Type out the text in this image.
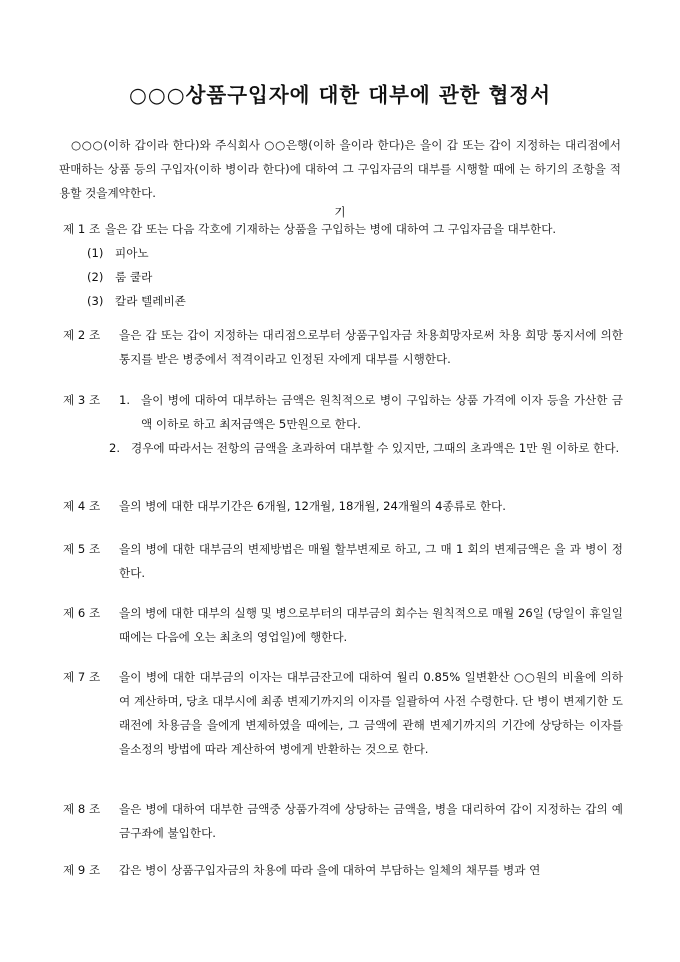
○○○상품구입자에 대한 대부에 관한 협정서

○○○(이하 갑이라 한다)와 주식회사 ○○은행(이하 을이라 한다)은 을이 갑 또는 갑이 지정하는 대리점에서 판매하는 상품 등의 구입자(이하 병이라 한다)에 대하여 그 구입자금의 대부를 시행할 때에 는 하기의 조항을 적용할 것을계약한다.

기
제 1 조 을은 갑 또는 다음 각호에 기재하는 상품을 구입하는 병에 대하여 그 구입자금을 대부한다.

(1) 피아노
(2) 룸 쿨라
(3) 칼라 텔레비죤
제 2 조	을은 갑 또는 갑이 지정하는 대리점으로부터 상품구입자금 차용희망자로써 차용 희망 통지서에 의한 통지를 받은 병중에서 적격이라고 인정된 자에게 대부를 시행한다.

제 3 조	1. 을이 병에 대하여 대부하는 금액은 원칙적으로 병이 구입하는 상품 가격에 이자 등을 가산한 금액 이하로 하고 최저금액은 5만원으로 한다.
2. 경우에 따라서는 전항의 금액을 초과하여 대부할 수 있지만, 그때의 초과액은 1만 원 이하로 한다.
제 4 조	을의 병에 대한 대부기간은 6개월, 12개월, 18개월, 24개월의 4종류로 한다.

제 5 조	을의 병에 대한 대부금의 변제방법은 매월 할부변제로 하고, 그 매 1 회의 변제금액은 을 과 병이 정한다.

제 6 조	을의 병에 대한 대부의 실행 및 병으로부터의 대부금의 회수는 원칙적으로 매월 26일 (당일이 휴일일 때에는 다음에 오는 최초의 영업일)에 행한다.

제 7 조	을이 병에 대한 대부금의 이자는 대부금잔고에 대하여 월리 0.85% 일변환산 ○○원의 비율에 의하여 계산하며, 당초 대부시에 최종 변제기까지의 이자를 일괄하여 사전 수령한다. 단 병이 변제기한 도래전에 차용금을 을에게 변제하였을 때에는, 그 금액에 관해 변제기까지의 기간에 상당하는 이자를 을소정의 방법에 따라 계산하여 병에게 반환하는 것으로 한다.

제 8 조	을은 병에 대하여 대부한 금액중 상품가격에 상당하는 금액을, 병을 대리하여 갑이 지정하는 갑의 예금구좌에 불입한다.

제 9 조	갑은 병이 상품구입자금의 차용에 따라 을에 대하여 부담하는 일체의 채무를 병과 연
